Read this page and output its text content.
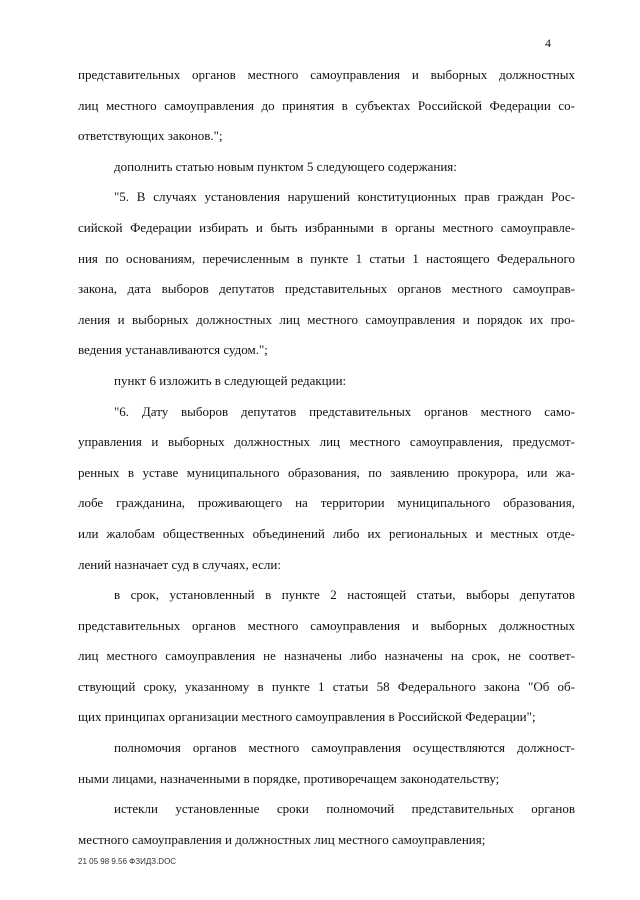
4
представительных органов местного самоуправления и выборных должностных
лиц местного самоуправления до принятия в субъектах Российской Федерации со-
ответствующих законов.";
дополнить статью новым пунктом 5 следующего содержания:
"5. В случаях установления нарушений конституционных прав граждан Рос-
сийской Федерации избирать и быть избранными в органы местного самоуправле-
ния по основаниям, перечисленным в пункте 1 статьи 1 настоящего Федерального
закона, дата выборов депутатов представительных органов местного самоуправ-
ления и выборных должностных лиц местного самоуправления и порядок их про-
ведения устанавливаются судом.";
пункт 6 изложить в следующей редакции:
"6. Дату выборов депутатов представительных органов местного само-
управления и выборных должностных лиц местного самоуправления, предусмот-
ренных в уставе муниципального образования, по заявлению прокурора, или жа-
лобе гражданина, проживающего на территории муниципального образования,
или жалобам общественных объединений либо их региональных и местных отде-
лений назначает суд в случаях, если:
в срок, установленный в пункте 2 настоящей статьи, выборы депутатов
представительных органов местного самоуправления и выборных должностных
лиц местного самоуправления не назначены либо назначены на срок, не соответ-
ствующий сроку, указанному в пункте 1 статьи 58 Федерального закона "Об об-
щих принципах организации местного самоуправления в Российской Федерации";
полномочия органов местного самоуправления осуществляются должност-
ными лицами, назначенными в порядке, противоречащем законодательству;
истекли установленные сроки полномочий представительных органов
местного самоуправления и должностных лиц местного самоуправления;
21 05 98 9.56 ФЗИДЗ.DOC
